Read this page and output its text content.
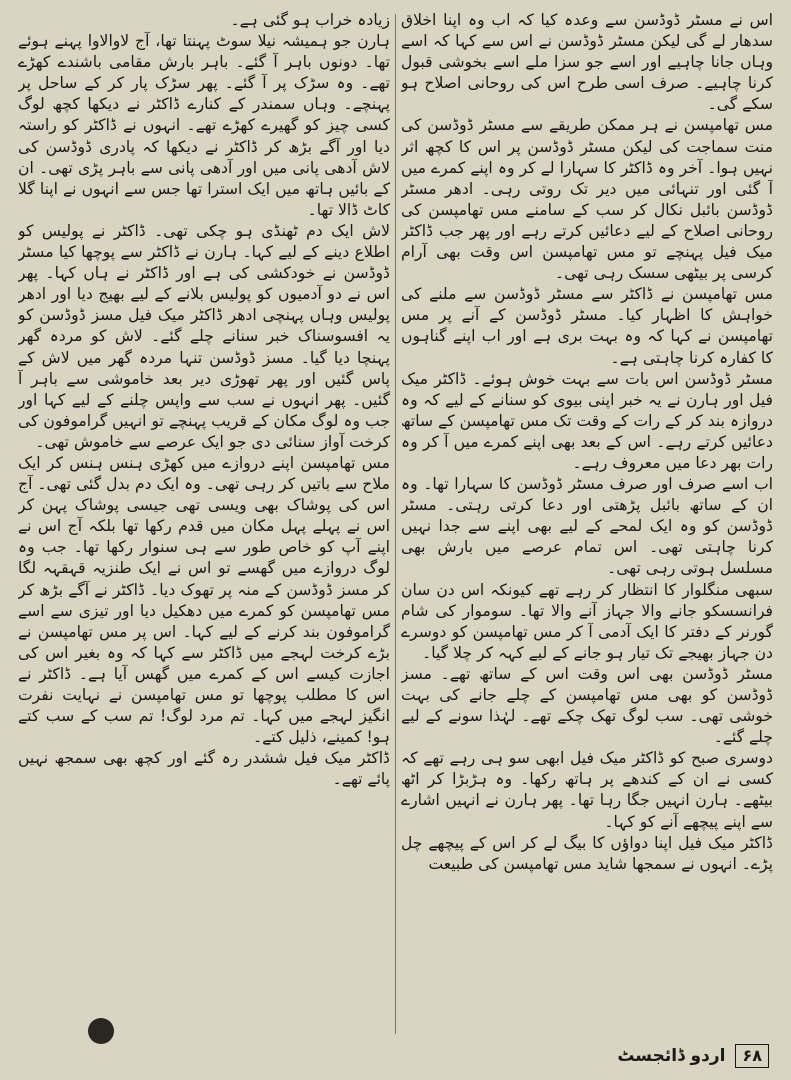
اس نے مسٹر ڈوڈسن سے وعدہ کیا کہ اب وہ اپنا اخلاق سدھار لے گی لیکن مسٹر ڈوڈسن نے اس سے کہا کہ اسے وہاں جانا چاہیے اور اسے جو سزا ملے اسے بخوشی قبول کرنا چاہیے۔ صرف اسی طرح اس کی روحانی اصلاح ہو سکے گی۔

مس تھامپسن نے ہر ممکن طریقے سے مسٹر ڈوڈسن کی منت سماجت کی لیکن مسٹر ڈوڈسن پر اس کا کچھ اثر نہیں ہوا۔ آخر وہ ڈاکٹر کا سہارا لے کر وہ اپنے کمرے میں آ گئی اور تنہائی میں دیر تک روتی رہی۔ ادھر مسٹر ڈوڈسن بائبل نکال کر سب کے سامنے مس تھامپسن کی روحانی اصلاح کے لیے دعائیں کرتے رہے اور پھر جب ڈاکٹر میک فیل پہنچے تو مس تھامپسن اس وقت بھی آرام کرسی پر بیٹھی سسک رہی تھی۔

مس تھامپسن نے ڈاکٹر سے مسٹر ڈوڈسن سے ملنے کی خواہش کا اظہار کیا۔ مسٹر ڈوڈسن کے آنے پر مس تھامپسن نے کہا کہ وہ بہت بری ہے اور اب اپنے گناہوں کا کفارہ کرنا چاہتی ہے۔

مسٹر ڈوڈسن اس بات سے بہت خوش ہوئے۔ ڈاکٹر میک فیل اور ہارن نے یہ خبر اپنی بیوی کو سنانے کے لیے کہ وہ دروازہ بند کر کے رات کے وقت تک مس تھامپسن کے ساتھ دعائیں کرتے رہے۔ اس کے بعد بھی اپنے کمرے میں آ کر وہ رات بھر دعا میں معروف رہے۔

اب اسے صرف اور صرف مسٹر ڈوڈسن کا سہارا تھا۔ وہ ان کے ساتھ بائبل پڑھتی اور دعا کرتی رہتی۔ مسٹر ڈوڈسن کو وہ ایک لمحے کے لیے بھی اپنے سے جدا نہیں کرنا چاہتی تھی۔ اس تمام عرصے میں بارش بھی مسلسل ہوتی رہی تھی۔

سبھی منگلوار کا انتظار کر رہے تھے کیونکہ اس دن سان فرانسسکو جانے والا جہاز آنے والا تھا۔ سوموار کی شام گورنر کے دفتر کا ایک آدمی آ کر مس تھامپسن کو دوسرے دن جہاز بھیجے تک تیار ہو جانے کے لیے کہہ کر چلا گیا۔

مسٹر ڈوڈسن بھی اس وقت اس کے ساتھ تھے۔ مسز ڈوڈسن کو بھی مس تھامپسن کے چلے جانے کی بہت خوشی تھی۔ سب لوگ تھک چکے تھے۔ لہٰذا سونے کے لیے چلے گئے۔

دوسری صبح کو ڈاکٹر میک فیل ابھی سو ہی رہے تھے کہ کسی نے ان کے کندھے پر ہاتھ رکھا۔ وہ ہڑبڑا کر اٹھ بیٹھے۔ ہارن انہیں جگا رہا تھا۔ پھر ہارن نے انہیں اشارے سے اپنے پیچھے آنے کو کہا۔

ڈاکٹر میک فیل اپنا دواؤں کا بیگ لے کر اس کے پیچھے چل پڑے۔ انہوں نے سمجھا شاید مس تھامپسن کی طبیعت

زیادہ خراب ہو گئی ہے۔

ہارن جو ہمیشہ نیلا سوٹ پہنتا تھا، آج لاوالاوا پہنے ہوئے تھا۔ دونوں باہر آ گئے۔ باہر بارش مقامی باشندے کھڑے تھے۔ وہ سڑک پر آ گئے۔ پھر سڑک پار کر کے ساحل پر پہنچے۔ وہاں سمندر کے کنارے ڈاکٹر نے دیکھا کچھ لوگ کسی چیز کو گھیرے کھڑے تھے۔ انہوں نے ڈاکٹر کو راستہ دیا اور آگے بڑھ کر ڈاکٹر نے دیکھا کہ پادری ڈوڈسن کی لاش آدھی پانی میں اور آدھی پانی سے باہر پڑی تھی۔ ان کے بائیں ہاتھ میں ایک استرا تھا جس سے انہوں نے اپنا گلا کاٹ ڈالا تھا۔

لاش ایک دم ٹھنڈی ہو چکی تھی۔ ڈاکٹر نے پولیس کو اطلاع دینے کے لیے کہا۔ ہارن نے ڈاکٹر سے پوچھا کیا مسٹر ڈوڈسن نے خودکشی کی ہے اور ڈاکٹر نے ہاں کہا۔ پھر اس نے دو آدمیوں کو پولیس بلانے کے لیے بھیج دیا اور ادھر پولیس وہاں پہنچی ادھر ڈاکٹر میک فیل مسز ڈوڈسن کو یہ افسوسناک خبر سنانے چلے گئے۔ لاش کو مردہ گھر پہنچا دیا گیا۔ مسز ڈوڈسن تنہا مردہ گھر میں لاش کے پاس گئیں اور پھر تھوڑی دیر بعد خاموشی سے باہر آ گئیں۔ پھر انہوں نے سب سے واپس چلنے کے لیے کہا اور جب وہ لوگ مکان کے قریب پہنچے تو انہیں گراموفون کی کرخت آواز سنائی دی جو ایک عرصے سے خاموش تھی۔

مس تھامپسن اپنے دروازے میں کھڑی ہنس ہنس کر ایک ملاح سے باتیں کر رہی تھی۔ وہ ایک دم بدل گئی تھی۔ آج اس کی پوشاک بھی ویسی تھی جیسی پوشاک پہن کر اس نے پہلے پہل مکان میں قدم رکھا تھا بلکہ آج اس نے اپنے آپ کو خاص طور سے ہی سنوار رکھا تھا۔ جب وہ لوگ دروازے میں گھسے تو اس نے ایک طنزیہ قہقہہ لگا کر مسز ڈوڈسن کے منہ پر تھوک دیا۔ ڈاکٹر نے آگے بڑھ کر مس تھامپسن کو کمرے میں دھکیل دیا اور تیزی سے اسے گراموفون بند کرنے کے لیے کہا۔ اس پر مس تھامپسن نے بڑے کرخت لہجے میں ڈاکٹر سے کہا کہ وہ بغیر اس کی اجازت کیسے اس کے کمرے میں گھس آیا ہے۔ ڈاکٹر نے اس کا مطلب پوچھا تو مس تھامپسن نے نہایت نفرت انگیز لہجے میں کہا۔ تم مرد لوگ! تم سب کے سب کتے ہو! کمینے، ذلیل کتے۔

ڈاکٹر میک فیل ششدر رہ گئے اور کچھ بھی سمجھ نہیں پائے تھے۔

۶۸
اردو ڈائجسٹ
